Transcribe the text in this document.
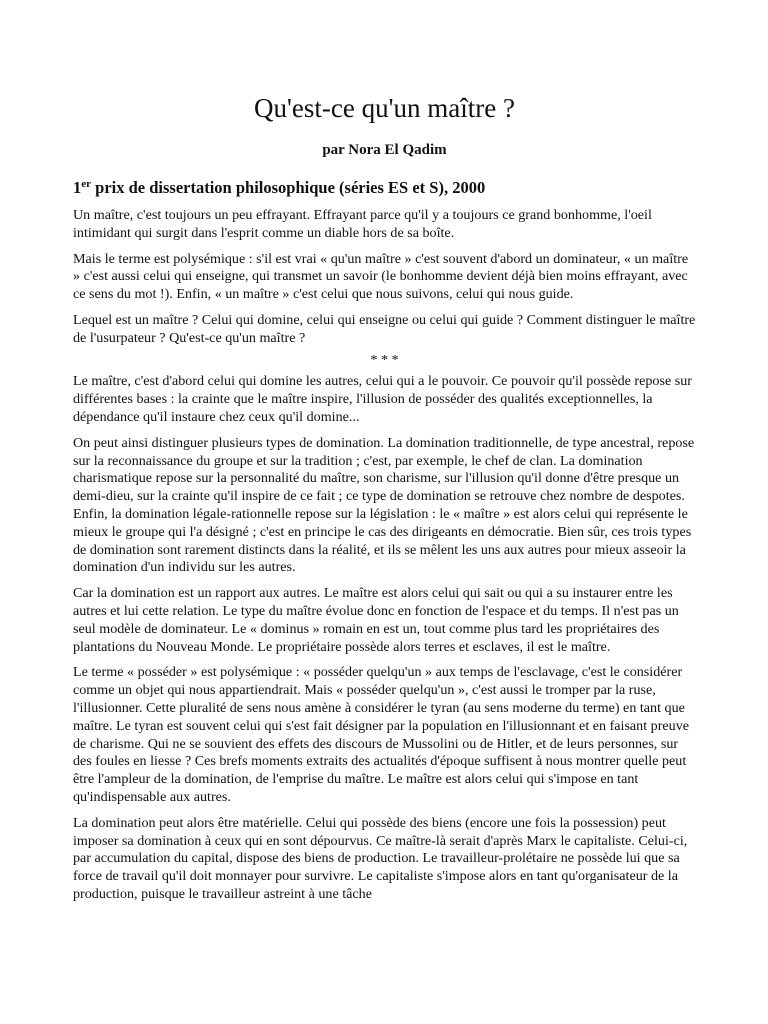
Qu'est-ce qu'un maître ?

par Nora El Qadim

1er prix de dissertation philosophique (séries ES et S), 2000

Un maître, c'est toujours un peu effrayant. Effrayant parce qu'il y a toujours ce grand bonhomme, l'oeil intimidant qui surgit dans l'esprit comme un diable hors de sa boîte.

Mais le terme est polysémique : s'il est vrai « qu'un maître » c'est souvent d'abord un dominateur, « un maître » c'est aussi celui qui enseigne, qui transmet un savoir (le bonhomme devient déjà bien moins effrayant, avec ce sens du mot !). Enfin, « un maître » c'est celui que nous suivons, celui qui nous guide.

Lequel est un maître ? Celui qui domine, celui qui enseigne ou celui qui guide ? Comment distinguer le maître de l'usurpateur ? Qu'est-ce qu'un maître ?

* * *

Le maître, c'est d'abord celui qui domine les autres, celui qui a le pouvoir. Ce pouvoir qu'il possède repose sur différentes bases : la crainte que le maître inspire, l'illusion de posséder des qualités exceptionnelles, la dépendance qu'il instaure chez ceux qu'il domine...

On peut ainsi distinguer plusieurs types de domination. La domination traditionnelle, de type ancestral, repose sur la reconnaissance du groupe et sur la tradition ; c'est, par exemple, le chef de clan. La domination charismatique repose sur la personnalité du maître, son charisme, sur l'illusion qu'il donne d'être presque un demi-dieu, sur la crainte qu'il inspire de ce fait ; ce type de domination se retrouve chez nombre de despotes. Enfin, la domination légale-rationnelle repose sur la législation : le « maître » est alors celui qui représente le mieux le groupe qui l'a désigné ; c'est en principe le cas des dirigeants en démocratie. Bien sûr, ces trois types de domination sont rarement distincts dans la réalité, et ils se mêlent les uns aux autres pour mieux asseoir la domination d'un individu sur les autres.

Car la domination est un rapport aux autres. Le maître est alors celui qui sait ou qui a su instaurer entre les autres et lui cette relation. Le type du maître évolue donc en fonction de l'espace et du temps. Il n'est pas un seul modèle de dominateur. Le « dominus » romain en est un, tout comme plus tard les propriétaires des plantations du Nouveau Monde. Le propriétaire possède alors terres et esclaves, il est le maître.

Le terme « posséder » est polysémique : « posséder quelqu'un » aux temps de l'esclavage, c'est le considérer comme un objet qui nous appartiendrait. Mais « posséder quelqu'un », c'est aussi le tromper par la ruse, l'illusionner. Cette pluralité de sens nous amène à considérer le tyran (au sens moderne du terme) en tant que maître. Le tyran est souvent celui qui s'est fait désigner par la population en l'illusionnant et en faisant preuve de charisme. Qui ne se souvient des effets des discours de Mussolini ou de Hitler, et de leurs personnes, sur des foules en liesse ? Ces brefs moments extraits des actualités d'époque suffisent à nous montrer quelle peut être l'ampleur de la domination, de l'emprise du maître. Le maître est alors celui qui s'impose en tant qu'indispensable aux autres.

La domination peut alors être matérielle. Celui qui possède des biens (encore une fois la possession) peut imposer sa domination à ceux qui en sont dépourvus. Ce maître-là serait d'après Marx le capitaliste. Celui-ci, par accumulation du capital, dispose des biens de production. Le travailleur-prolétaire ne possède lui que sa force de travail qu'il doit monnayer pour survivre. Le capitaliste s'impose alors en tant qu'organisateur de la production, puisque le travailleur astreint à une tâche
